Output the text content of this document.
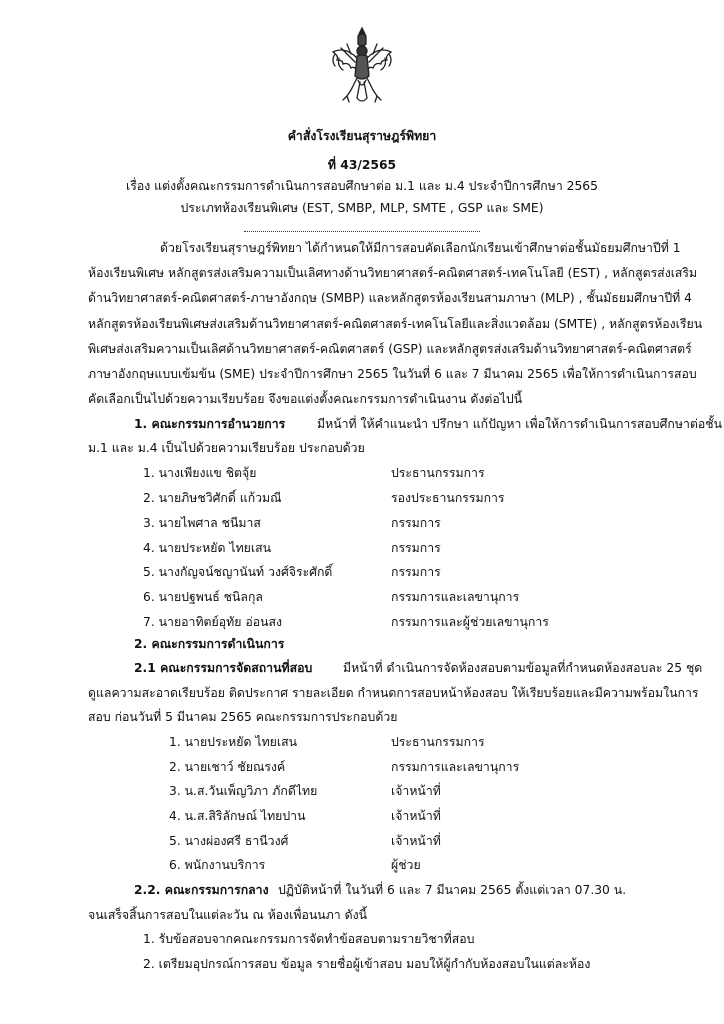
คำสั่งโรงเรียนสุราษฎร์พิทยา
ที่ 43/2565
เรื่อง แต่งตั้งคณะกรรมการดำเนินการสอบศึกษาต่อ ม.1 และ ม.4 ประจำปีการศึกษา 2565
ประเภทห้องเรียนพิเศษ (EST, SMBP, MLP, SMTE , GSP และ SME)
ด้วยโรงเรียนสุราษฎร์พิทยา ได้กำหนดให้มีการสอบคัดเลือกนักเรียนเข้าศึกษาต่อชั้นมัธยมศึกษาปีที่ 1
ห้องเรียนพิเศษ หลักสูตรส่งเสริมความเป็นเลิศทางด้านวิทยาศาสตร์-คณิตศาสตร์-เทคโนโลยี (EST) , หลักสูตรส่งเสริม
ด้านวิทยาศาสตร์-คณิตศาสตร์-ภาษาอังกฤษ (SMBP) และหลักสูตรห้องเรียนสามภาษา (MLP) , ชั้นมัธยมศึกษาปีที่ 4
หลักสูตรห้องเรียนพิเศษส่งเสริมด้านวิทยาศาสตร์-คณิตศาสตร์-เทคโนโลยีและสิ่งแวดล้อม (SMTE) , หลักสูตรห้องเรียน
พิเศษส่งเสริมความเป็นเลิศด้านวิทยาศาสตร์-คณิตศาสตร์ (GSP) และหลักสูตรส่งเสริมด้านวิทยาศาสตร์-คณิตศาสตร์
ภาษาอังกฤษแบบเข้มข้น (SME) ประจำปีการศึกษา 2565 ในวันที่ 6 และ 7 มีนาคม 2565 เพื่อให้การดำเนินการสอบ
คัดเลือกเป็นไปด้วยความเรียบร้อย จึงขอแต่งตั้งคณะกรรมการดำเนินงาน ดังต่อไปนี้
1. คณะกรรมการอำนวยการ	มีหน้าที่ ให้คำแนะนำ ปรึกษา แก้ปัญหา เพื่อให้การดำเนินการสอบศึกษาต่อชั้น
ม.1 และ ม.4 เป็นไปด้วยความเรียบร้อย ประกอบด้วย
1. นางเพียงแข ชิตจุ้ย	ประธานกรรมการ
2. นายภิษชวิศักดิ์ แก้วมณี	รองประธานกรรมการ
3. นายไพศาล ชนีมาส	กรรมการ
4. นายประหยัด ไทยเสน	กรรมการ
5. นางกัญจน์ชญานันท์ วงศ์จิระศักดิ์	กรรมการ
6. นายปฐพนธ์ ชนิลกุล	กรรมการและเลขานุการ
7. นายอาทิตย์อุทัย อ่อนสง	กรรมการและผู้ช่วยเลขานุการ
2. คณะกรรมการดำเนินการ
2.1 คณะกรรมการจัดสถานที่สอบ มีหน้าที่ ดำเนินการจัดห้องสอบตามข้อมูลที่กำหนดห้องสอบละ 25 ชุด
ดูแลความสะอาดเรียบร้อย ติดประกาศ รายละเอียด กำหนดการสอบหน้าห้องสอบ ให้เรียบร้อยและมีความพร้อมในการ
สอบ ก่อนวันที่ 5 มีนาคม 2565 คณะกรรมการประกอบด้วย
1. นายประหยัด ไทยเสน	ประธานกรรมการ
2. นายเชาว์ ชัยณรงค์	กรรมการและเลขานุการ
3. น.ส.วันเพ็ญวิภา ภักดีไทย	เจ้าหน้าที่
4. น.ส.สิริลักษณ์ ไทยปาน	เจ้าหน้าที่
5. นางผ่องศรี ธานีวงศ์	เจ้าหน้าที่
6. พนักงานบริการ	ผู้ช่วย
2.2. คณะกรรมการกลาง ปฏิบัติหน้าที่ ในวันที่ 6 และ 7 มีนาคม 2565 ตั้งแต่เวลา 07.30 น.
จนเสร็จสิ้นการสอบในแต่ละวัน ณ ห้องเพื่อนนภา ดังนี้
1. รับข้อสอบจากคณะกรรมการจัดทำข้อสอบตามรายวิชาที่สอบ
2. เตรียมอุปกรณ์การสอบ ข้อมูล รายชื่อผู้เข้าสอบ มอบให้ผู้กำกับห้องสอบในแต่ละห้อง
